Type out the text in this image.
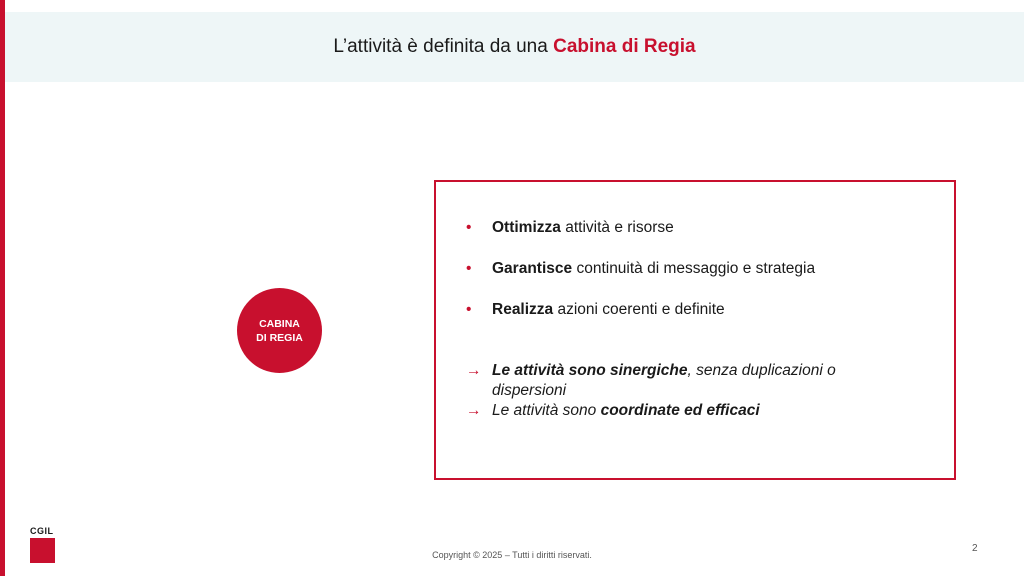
L’attività è definita da una Cabina di Regia
CABINA
DI REGIA
• Ottimizza attività e risorse
• Garantisce continuità di messaggio e strategia
• Realizza azioni coerenti e definite
→ Le attività sono sinergiche, senza duplicazioni o dispersioni
→ Le attività sono coordinate ed efficaci
CGIL
Copyright © 2025 – Tutti i diritti riservati.
2
